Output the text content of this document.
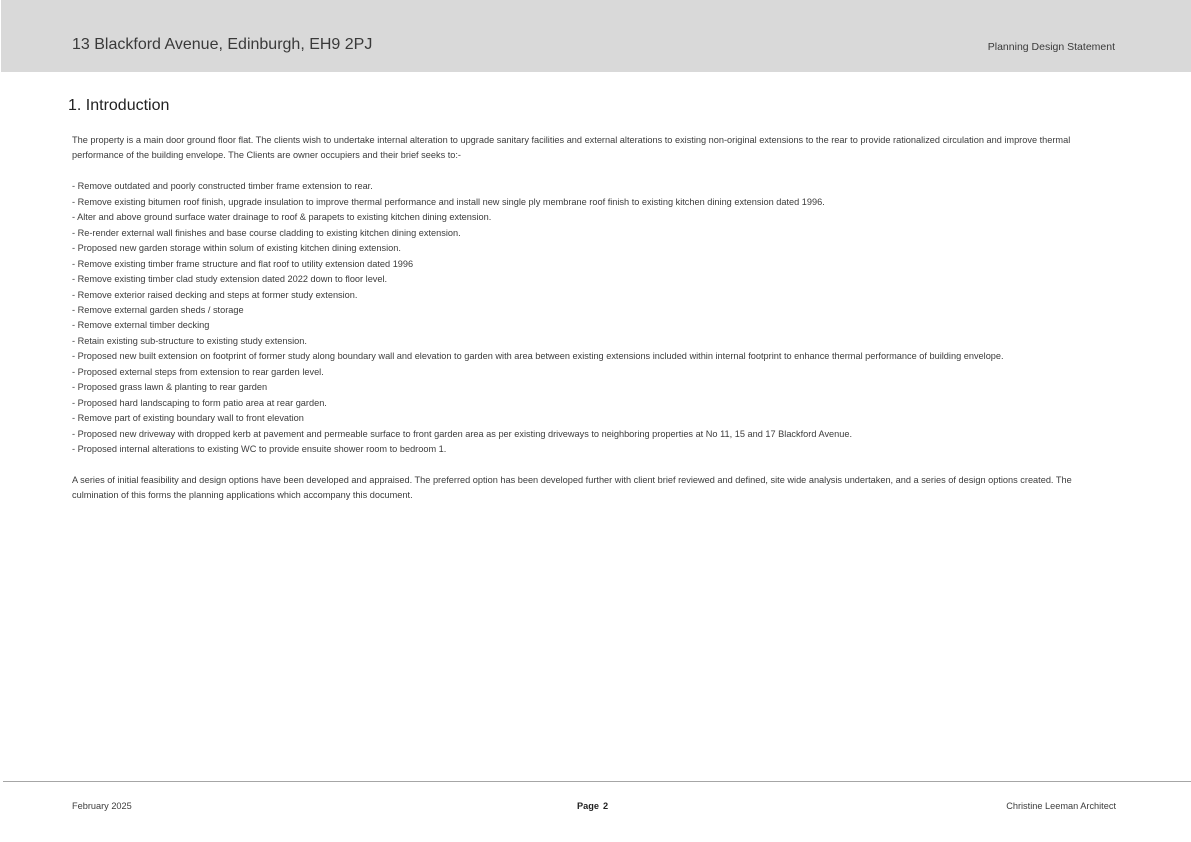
13 Blackford Avenue, Edinburgh, EH9 2PJ	Planning Design Statement
1. Introduction

The property is a main door ground floor flat. The clients wish to undertake internal alteration to upgrade sanitary facilities and external alterations to existing non-original extensions to the rear to provide rationalized circulation and improve thermal performance of the building envelope. The Clients are owner occupiers and their brief seeks to:-

- Remove outdated and poorly constructed timber frame extension to rear.
- Remove existing bitumen roof finish, upgrade insulation to improve thermal performance and install new single ply membrane roof finish to existing kitchen dining extension dated 1996.
- Alter and above ground surface water drainage to roof & parapets to existing kitchen dining extension.
- Re-render external wall finishes and base course cladding to existing kitchen dining extension.
- Proposed new garden storage within solum of existing kitchen dining extension.
- Remove existing timber frame structure and flat roof to utility extension dated 1996
- Remove existing timber clad study extension dated 2022 down to floor level.
- Remove exterior raised decking and steps at former study extension.
- Remove external garden sheds / storage
- Remove external timber decking
- Retain existing sub-structure to existing study extension.
- Proposed new built extension on footprint of former study along boundary wall and elevation to garden with area between existing extensions included within internal footprint to enhance thermal performance of building envelope.
- Proposed external steps from extension to rear garden level.
- Proposed grass lawn & planting to rear garden
- Proposed hard landscaping to form patio area at rear garden.
- Remove part of existing boundary wall to front elevation
- Proposed new driveway with dropped kerb at pavement and permeable surface to front garden area as per existing driveways to neighboring properties at No 11, 15 and 17 Blackford Avenue.
- Proposed internal alterations to existing WC to provide ensuite shower room to bedroom 1.

A series of initial feasibility and design options have been developed and appraised. The preferred option has been developed further with client brief reviewed and defined, site wide analysis undertaken, and a series of design options created. The culmination of this forms the planning applications which accompany this document.

February 2025	Page 2	Christine Leeman Architect
